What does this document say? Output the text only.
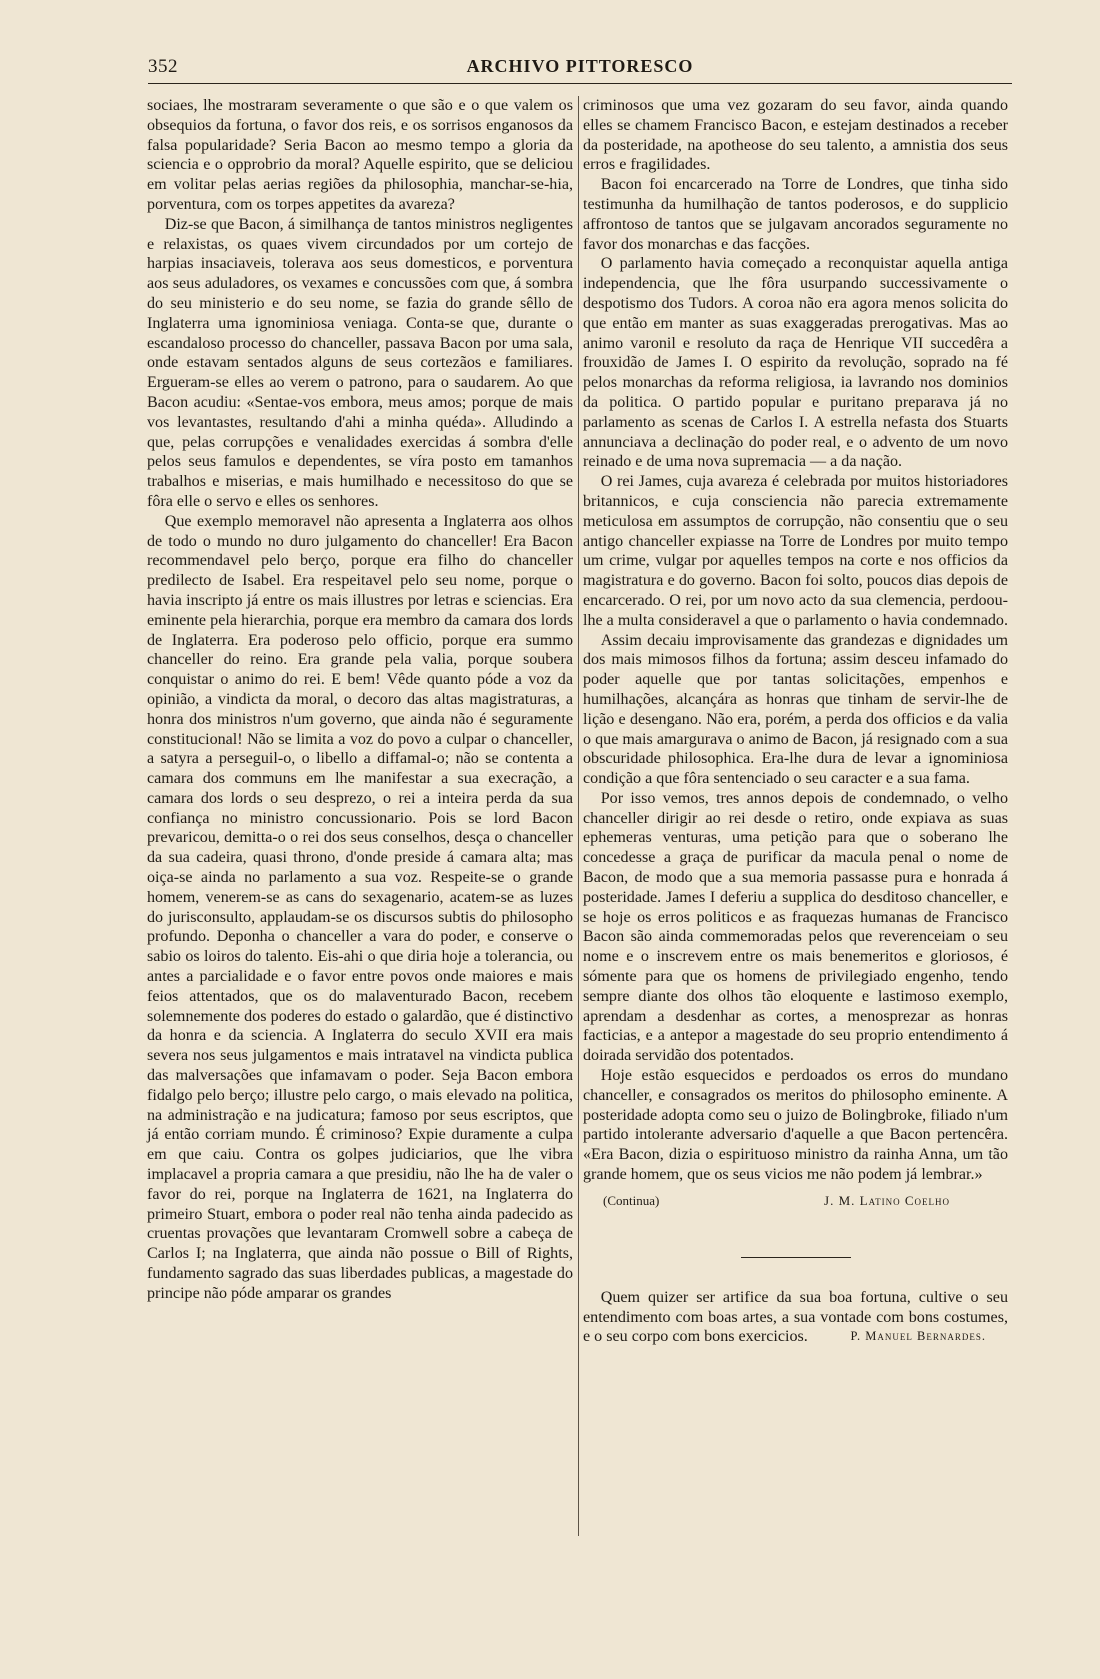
352	ARCHIVO PITTORESCO

sociaes, lhe mostraram severamente o que são e o que valem os obsequios da fortuna, o favor dos reis, e os sorrisos enganosos da falsa popularidade? Seria Bacon ao mesmo tempo a gloria da sciencia e o opprobrio da moral? Aquelle espirito, que se deliciou em volitar pelas aerias regiões da philosophia, manchar-se-hia, porventura, com os torpes appetites da avareza?

Diz-se que Bacon, á similhança de tantos ministros negligentes e relaxistas, os quaes vivem circundados por um cortejo de harpias insaciaveis, tolerava aos seus domesticos, e porventura aos seus aduladores, os vexames e concussões com que, á sombra do seu ministerio e do seu nome, se fazia do grande sêllo de Inglaterra uma ignominiosa veniaga. Conta-se que, durante o escandaloso processo do chanceller, passava Bacon por uma sala, onde estavam sentados alguns de seus cortezãos e familiares. Ergueram-se elles ao verem o patrono, para o saudarem. Ao que Bacon acudiu: «Sentae-vos embora, meus amos; porque de mais vos levantastes, resultando d'ahi a minha quéda». Alludindo a que, pelas corrupções e venalidades exercidas á sombra d'elle pelos seus famulos e dependentes, se víra posto em tamanhos trabalhos e miserias, e mais humilhado e necessitoso do que se fôra elle o servo e elles os senhores.

Que exemplo memoravel não apresenta a Inglaterra aos olhos de todo o mundo no duro julgamento do chanceller! Era Bacon recommendavel pelo berço, porque era filho do chanceller predilecto de Isabel. Era respeitavel pelo seu nome, porque o havia inscripto já entre os mais illustres por letras e sciencias. Era eminente pela hierarchia, porque era membro da camara dos lords de Inglaterra. Era poderoso pelo officio, porque era summo chanceller do reino. Era grande pela valia, porque soubera conquistar o animo do rei. E bem! Vêde quanto póde a voz da opinião, a vindicta da moral, o decoro das altas magistraturas, a honra dos ministros n'um governo, que ainda não é seguramente constitucional! Não se limita a voz do povo a culpar o chanceller, a satyra a perseguil-o, o libello a diffamal-o; não se contenta a camara dos communs em lhe manifestar a sua execração, a camara dos lords o seu desprezo, o rei a inteira perda da sua confiança no ministro concussionario. Pois se lord Bacon prevaricou, demitta-o o rei dos seus conselhos, desça o chanceller da sua cadeira, quasi throno, d'onde preside á camara alta; mas oiça-se ainda no parlamento a sua voz. Respeite-se o grande homem, venerem-se as cans do sexagenario, acatem-se as luzes do jurisconsulto, applaudam-se os discursos subtis do philosopho profundo. Deponha o chanceller a vara do poder, e conserve o sabio os loiros do talento. Eis-ahi o que diria hoje a tolerancia, ou antes a parcialidade e o favor entre povos onde maiores e mais feios attentados, que os do malaventurado Bacon, recebem solemnemente dos poderes do estado o galardão, que é distinctivo da honra e da sciencia. A Inglaterra do seculo XVII era mais severa nos seus julgamentos e mais intratavel na vindicta publica das malversações que infamavam o poder. Seja Bacon embora fidalgo pelo berço; illustre pelo cargo, o mais elevado na politica, na administração e na judicatura; famoso por seus escriptos, que já então corriam mundo. É criminoso? Expie duramente a culpa em que caiu. Contra os golpes judiciarios, que lhe vibra implacavel a propria camara a que presidiu, não lhe ha de valer o favor do rei, porque na Inglaterra de 1621, na Inglaterra do primeiro Stuart, embora o poder real não tenha ainda padecido as cruentas provações que levantaram Cromwell sobre a cabeça de Carlos I; na Inglaterra, que ainda não possue o Bill of Rights, fundamento sagrado das suas liberdades publicas, a magestade do principe não póde amparar os grandes

criminosos que uma vez gozaram do seu favor, ainda quando elles se chamem Francisco Bacon, e estejam destinados a receber da posteridade, na apotheose do seu talento, a amnistia dos seus erros e fragilidades.

Bacon foi encarcerado na Torre de Londres, que tinha sido testimunha da humilhação de tantos poderosos, e do supplicio affrontoso de tantos que se julgavam ancorados seguramente no favor dos monarchas e das facções.

O parlamento havia começado a reconquistar aquella antiga independencia, que lhe fôra usurpando successivamente o despotismo dos Tudors. A coroa não era agora menos solicita do que então em manter as suas exaggeradas prerogativas. Mas ao animo varonil e resoluto da raça de Henrique VII succedêra a frouxidão de James I. O espirito da revolução, soprado na fé pelos monarchas da reforma religiosa, ia lavrando nos dominios da politica. O partido popular e puritano preparava já no parlamento as scenas de Carlos I. A estrella nefasta dos Stuarts annunciava a declinação do poder real, e o advento de um novo reinado e de uma nova supremacia — a da nação.

O rei James, cuja avareza é celebrada por muitos historiadores britannicos, e cuja consciencia não parecia extremamente meticulosa em assumptos de corrupção, não consentiu que o seu antigo chanceller expiasse na Torre de Londres por muito tempo um crime, vulgar por aquelles tempos na corte e nos officios da magistratura e do governo. Bacon foi solto, poucos dias depois de encarcerado. O rei, por um novo acto da sua clemencia, perdoou-lhe a multa consideravel a que o parlamento o havia condemnado.

Assim decaiu improvisamente das grandezas e dignidades um dos mais mimosos filhos da fortuna; assim desceu infamado do poder aquelle que por tantas solicitações, empenhos e humilhações, alcançára as honras que tinham de servir-lhe de lição e desengano. Não era, porém, a perda dos officios e da valia o que mais amargurava o animo de Bacon, já resignado com a sua obscuridade philosophica. Era-lhe dura de levar a ignominiosa condição a que fôra sentenciado o seu caracter e a sua fama.

Por isso vemos, tres annos depois de condemnado, o velho chanceller dirigir ao rei desde o retiro, onde expiava as suas ephemeras venturas, uma petição para que o soberano lhe concedesse a graça de purificar da macula penal o nome de Bacon, de modo que a sua memoria passasse pura e honrada á posteridade. James I deferiu a supplica do desditoso chanceller, e se hoje os erros politicos e as fraquezas humanas de Francisco Bacon são ainda commemoradas pelos que reverenceiam o seu nome e o inscrevem entre os mais benemeritos e gloriosos, é sómente para que os homens de privilegiado engenho, tendo sempre diante dos olhos tão eloquente e lastimoso exemplo, aprendam a desdenhar as cortes, a menosprezar as honras facticias, e a antepor a magestade do seu proprio entendimento á doirada servidão dos potentados.

Hoje estão esquecidos e perdoados os erros do mundano chanceller, e consagrados os meritos do philosopho eminente. A posteridade adopta como seu o juizo de Bolingbroke, filiado n'um partido intolerante adversario d'aquelle a que Bacon pertencêra. «Era Bacon, dizia o espirituoso ministro da rainha Anna, um tão grande homem, que os seus vicios me não podem já lembrar.»

(Continua)	J. M. Latino Coelho

Quem quizer ser artifice da sua boa fortuna, cultive o seu entendimento com boas artes, a sua vontade com bons costumes, e o seu corpo com bons exercicios.	P. Manuel Bernardes.
